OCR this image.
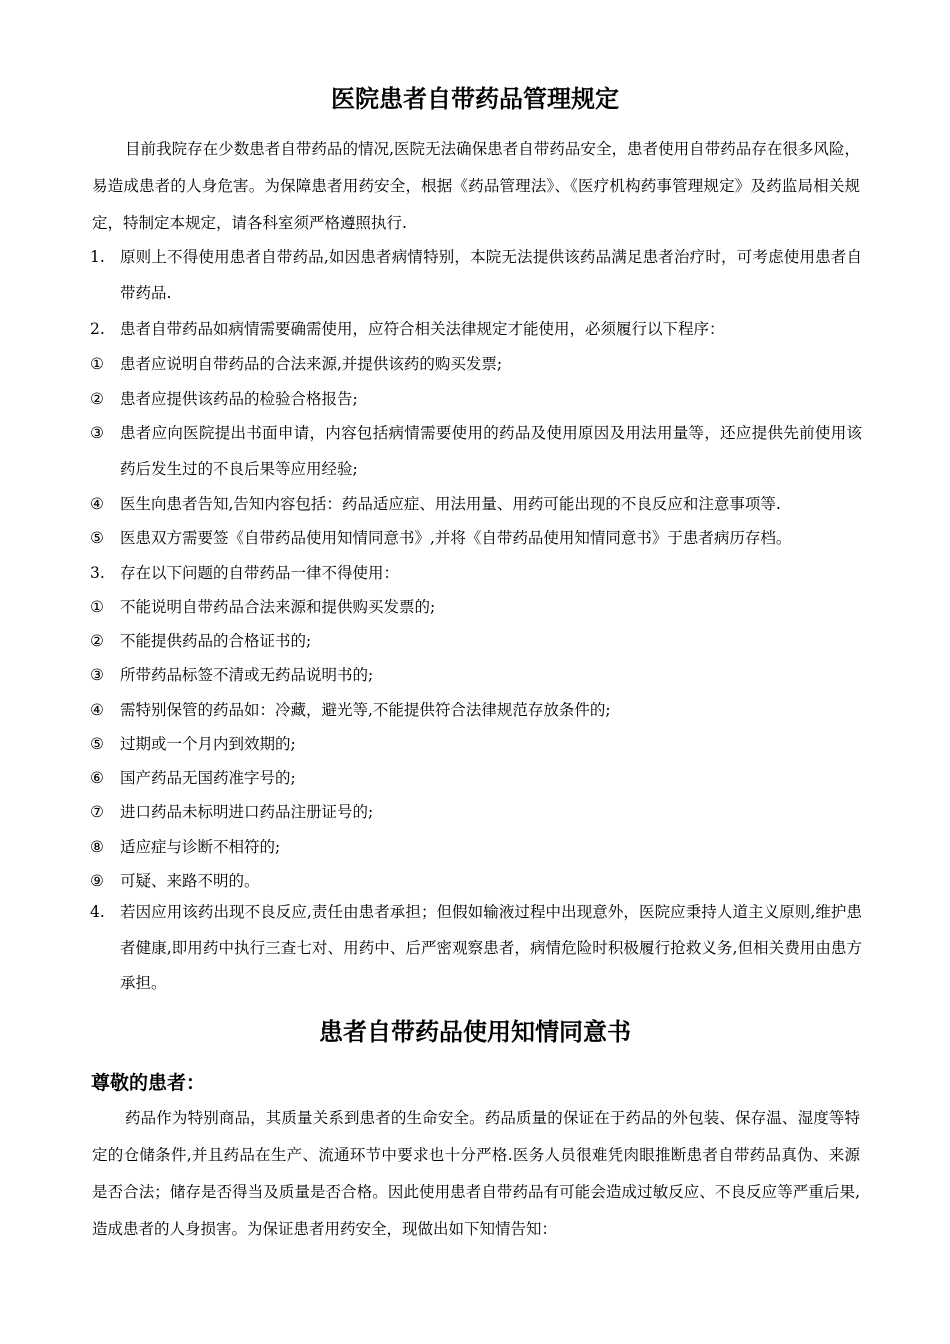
医院患者自带药品管理规定

目前我院存在少数患者自带药品的情况,医院无法确保患者自带药品安全，患者使用自带药品存在很多风险，易造成患者的人身危害。为保障患者用药安全，根据《药品管理法》、《医疗机构药事管理规定》及药监局相关规定，特制定本规定，请各科室须严格遵照执行.

1. 原则上不得使用患者自带药品,如因患者病情特别，本院无法提供该药品满足患者治疗时，可考虑使用患者自带药品.
2. 患者自带药品如病情需要确需使用，应符合相关法律规定才能使用，必须履行以下程序：
①	患者应说明自带药品的合法来源,并提供该药的购买发票;
②	患者应提供该药品的检验合格报告;
③	患者应向医院提出书面申请，内容包括病情需要使用的药品及使用原因及用法用量等，还应提供先前使用该药后发生过的不良后果等应用经验;
④	医生向患者告知,告知内容包括：药品适应症、用法用量、用药可能出现的不良反应和注意事项等.
⑤	医患双方需要签《自带药品使用知情同意书》,并将《自带药品使用知情同意书》于患者病历存档。
3. 存在以下问题的自带药品一律不得使用：
①	不能说明自带药品合法来源和提供购买发票的;
②	不能提供药品的合格证书的;
③	所带药品标签不清或无药品说明书的;
④	需特别保管的药品如：冷藏，避光等,不能提供符合法律规范存放条件的;
⑤	过期或一个月内到效期的;
⑥	国产药品无国药准字号的;
⑦	进口药品未标明进口药品注册证号的;
⑧	适应症与诊断不相符的;
⑨	可疑、来路不明的。
4. 若因应用该药出现不良反应,责任由患者承担；但假如输液过程中出现意外，医院应秉持人道主义原则,维护患者健康,即用药中执行三查七对、用药中、后严密观察患者，病情危险时积极履行抢救义务,但相关费用由患方承担。
患者自带药品使用知情同意书

尊敬的患者：

药品作为特别商品，其质量关系到患者的生命安全。药品质量的保证在于药品的外包装、保存温、湿度等特定的仓储条件,并且药品在生产、流通环节中要求也十分严格.医务人员很难凭肉眼推断患者自带药品真伪、来源是否合法；储存是否得当及质量是否合格。因此使用患者自带药品有可能会造成过敏反应、不良反应等严重后果,造成患者的人身损害。为保证患者用药安全，现做出如下知情告知：
